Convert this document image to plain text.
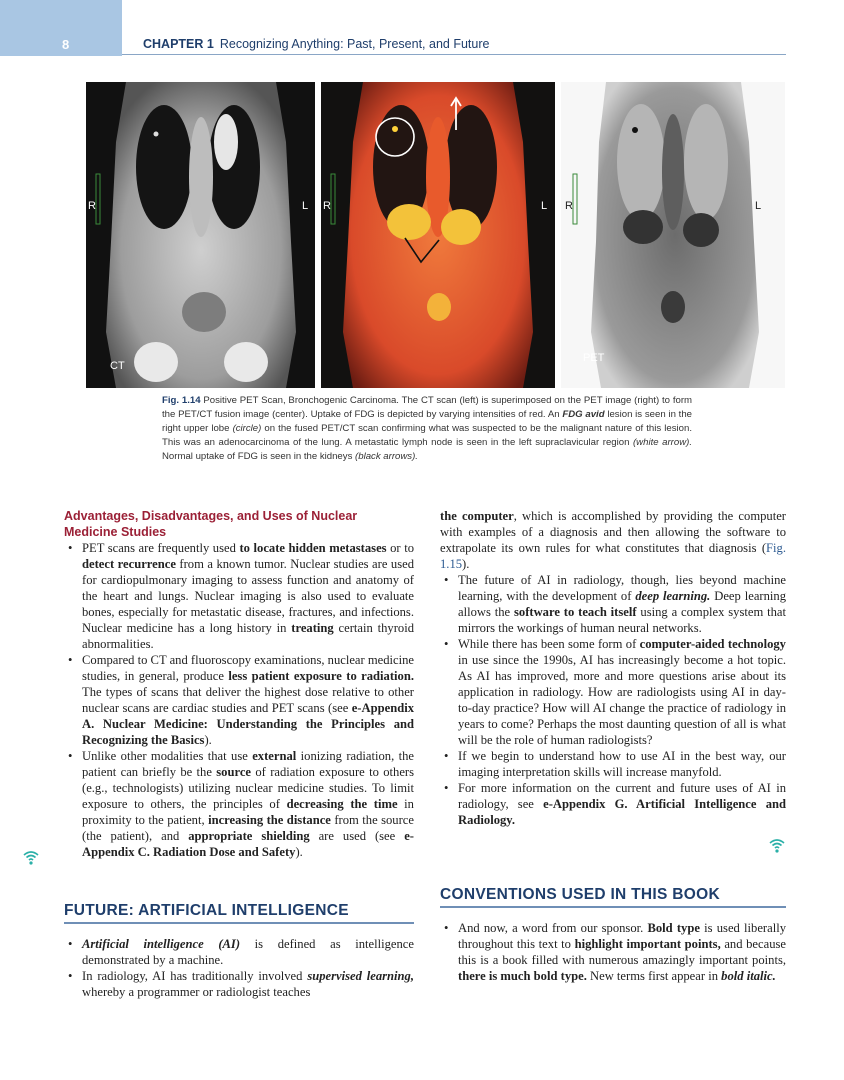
8	CHAPTER 1 Recognizing Anything: Past, Present, and Future
R	L
CT
R	L R	L
PET
Fig. 1.14 Positive PET Scan, Bronchogenic Carcinoma. The CT scan (left) is superimposed on the PET image (right) to form the PET/CT fusion image (center). Uptake of FDG is depicted by varying intensities of red. An FDG avid lesion is seen in the right upper lobe (circle) on the fused PET/CT scan confirming what was suspected to be the malignant nature of this lesion. This was an adenocarcinoma of the lung. A metastatic lymph node is seen in the left supraclavicular region (white arrow). Normal uptake of FDG is seen in the kidneys (black arrows).
Advantages, Disadvantages, and Uses of Nuclear Medicine Studies
• PET scans are frequently used to locate hidden metastases or to detect recurrence from a known tumor. Nuclear studies are used for cardiopulmonary imaging to assess function and anatomy of the heart and lungs. Nuclear imaging is also used to evaluate bones, especially for metastatic disease, fractures, and infections. Nuclear medicine has a long history in treating certain thyroid abnormalities.
• Compared to CT and fluoroscopy examinations, nuclear medicine studies, in general, produce less patient exposure to radiation. The types of scans that deliver the highest dose relative to other nuclear scans are cardiac studies and PET scans (see e-Appendix A. Nuclear Medicine: Understanding the Principles and Recognizing the Basics).
• Unlike other modalities that use external ionizing radiation, the patient can briefly be the source of radiation exposure to others (e.g., technologists) utilizing nuclear medicine studies. To limit exposure to others, the principles of decreasing the time in proximity to the patient, increasing the distance from the source (the patient), and appropriate shielding are used (see e-Appendix C. Radiation Dose and Safety).
FUTURE: ARTIFICIAL INTELLIGENCE
• Artificial intelligence (AI) is defined as intelligence demonstrated by a machine.
• In radiology, AI has traditionally involved supervised learning, whereby a programmer or radiologist teaches
the computer, which is accomplished by providing the computer with examples of a diagnosis and then allowing the software to extrapolate its own rules for what constitutes that diagnosis (Fig. 1.15).
• The future of AI in radiology, though, lies beyond machine learning, with the development of deep learning. Deep learning allows the software to teach itself using a complex system that mirrors the workings of human neural networks.
• While there has been some form of computer-aided technology in use since the 1990s, AI has increasingly become a hot topic. As AI has improved, more and more questions arise about its application in radiology. How are radiologists using AI in day-to-day practice? How will AI change the practice of radiology in years to come? Perhaps the most daunting question of all is what will be the role of human radiologists?
• If we begin to understand how to use AI in the best way, our imaging interpretation skills will increase manyfold.
• For more information on the current and future uses of AI in radiology, see e-Appendix G. Artificial Intelligence and Radiology.
CONVENTIONS USED IN THIS BOOK
• And now, a word from our sponsor. Bold type is used liberally throughout this text to highlight important points, and because this is a book filled with numerous amazingly important points, there is much bold type. New terms first appear in bold italic.
